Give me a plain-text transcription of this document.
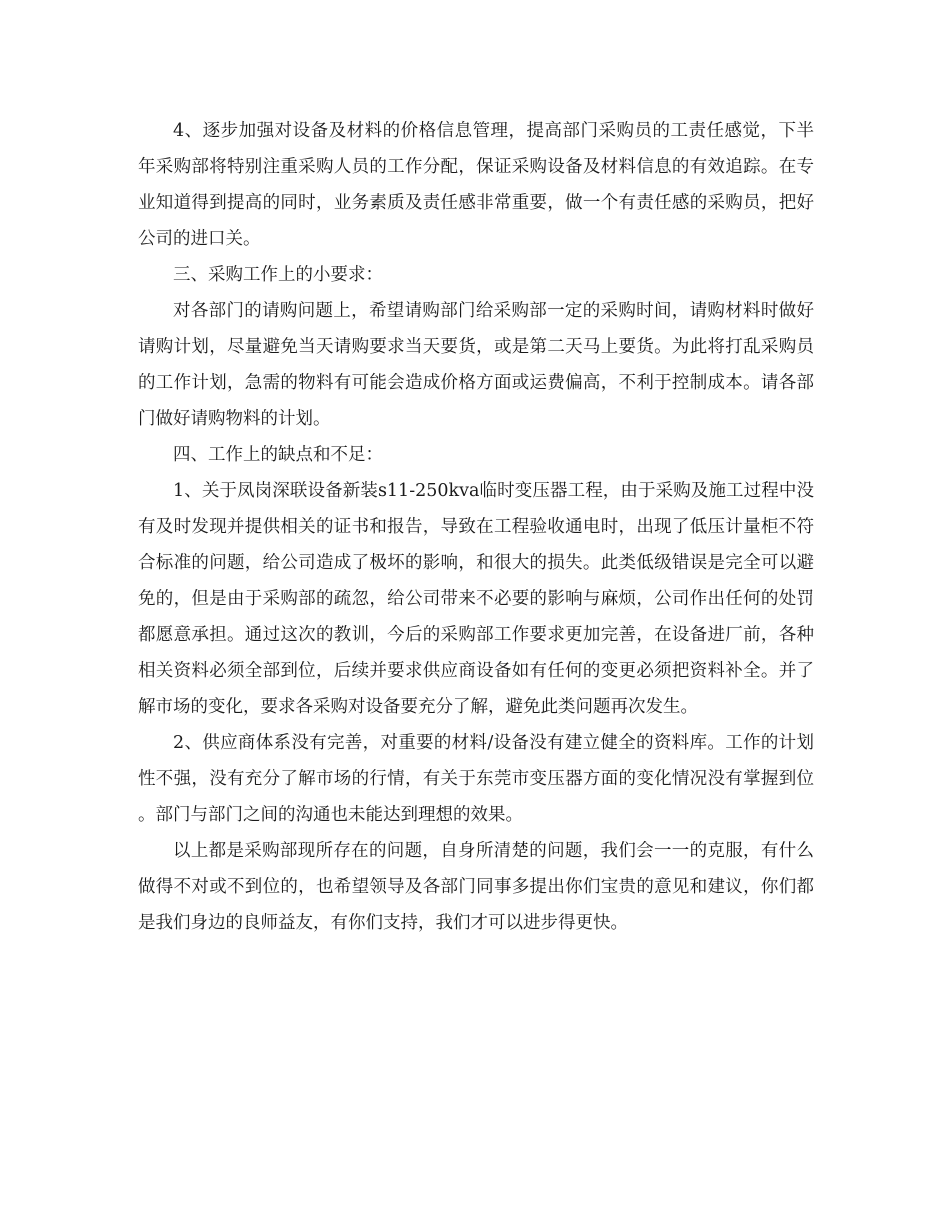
4、逐步加强对设备及材料的价格信息管理，提高部门采购员的工责任感觉，下半年采购部将特别注重采购人员的工作分配，保证采购设备及材料信息的有效追踪。在专业知道得到提高的同时，业务素质及责任感非常重要，做一个有责任感的采购员，把好公司的进口关。

三、采购工作上的小要求：

对各部门的请购问题上，希望请购部门给采购部一定的采购时间，请购材料时做好请购计划，尽量避免当天请购要求当天要货，或是第二天马上要货。为此将打乱采购员的工作计划，急需的物料有可能会造成价格方面或运费偏高，不利于控制成本。请各部门做好请购物料的计划。

四、工作上的缺点和不足：

1、关于凤岗深联设备新装s11-250kva临时变压器工程，由于采购及施工过程中没有及时发现并提供相关的证书和报告，导致在工程验收通电时，出现了低压计量柜不符合标准的问题，给公司造成了极坏的影响，和很大的损失。此类低级错误是完全可以避免的，但是由于采购部的疏忽，给公司带来不必要的影响与麻烦，公司作出任何的处罚都愿意承担。通过这次的教训，今后的采购部工作要求更加完善，在设备进厂前，各种相关资料必须全部到位，后续并要求供应商设备如有任何的变更必须把资料补全。并了解市场的变化，要求各采购对设备要充分了解，避免此类问题再次发生。

2、供应商体系没有完善，对重要的材料/设备没有建立健全的资料库。工作的计划性不强，没有充分了解市场的行情，有关于东莞市变压器方面的变化情况没有掌握到位。部门与部门之间的沟通也未能达到理想的效果。

以上都是采购部现所存在的问题，自身所清楚的问题，我们会一一的克服，有什么做得不对或不到位的，也希望领导及各部门同事多提出你们宝贵的意见和建议，你们都是我们身边的良师益友，有你们支持，我们才可以进步得更快。
